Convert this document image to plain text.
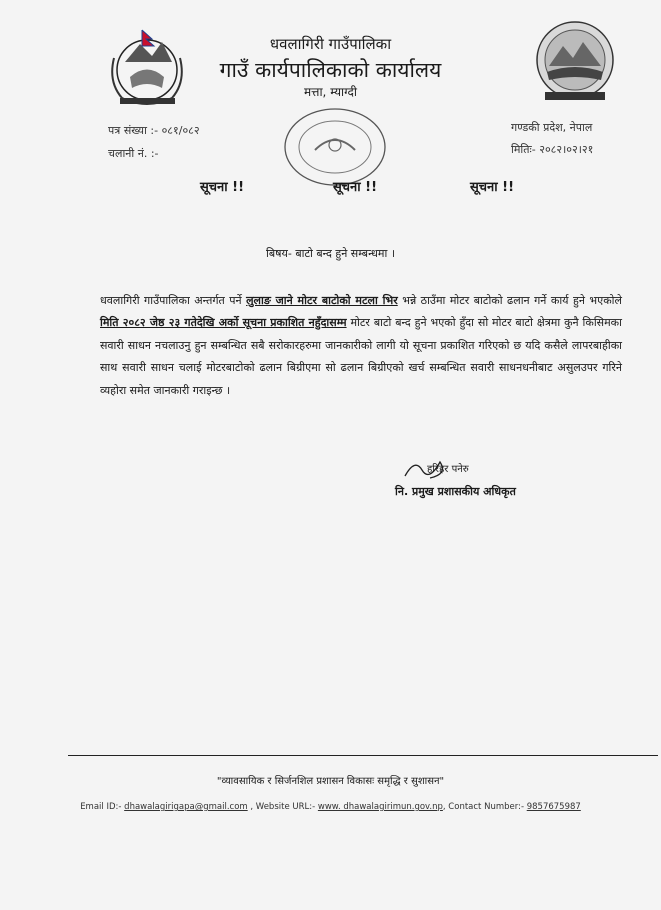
धवलागिरी गाउँपालिका
गाउँ कार्यपालिकाको कार्यालय
मत्ता, म्याग्दी
पत्र संख्या :- ०८१/०८२
चलानी नं. :-
गण्डकी प्रदेश, नेपाल
मितिः- २०८२।०२।२१
सूचना !!	सूचना !!	सूचना !!
बिषय- बाटो बन्द हुने सम्बन्धमा ।

धवलागिरी गाउँपालिका अन्तर्गत पर्ने लुलाङ जाने मोटर बाटोको मटला भिर भन्ने ठाउँमा मोटर बाटोको ढलान गर्ने कार्य हुने भएकोले मिति २०८२ जेष्ठ २३ गतेदेखि अर्को सूचना प्रकाशित नहुँदासम्म मोटर बाटो बन्द हुने भएको हुँदा सो मोटर बाटो क्षेत्रमा कुनै किसिमका सवारी साधन नचलाउनु हुन सम्बन्धित सबै सरोकारहरुमा जानकारीको लागी यो सूचना प्रकाशित गरिएको छ यदि कसैले लापरबाहीका साथ सवारी साधन चलाई मोटरबाटोको ढलान बिग्रीएमा सो ढलान बिग्रीएको खर्च सम्बन्धित सवारी साधनधनीबाट असुलउपर गरिने व्यहोरा समेत जानकारी गराइन्छ ।

हरिहर पनेरु
नि. प्रमुख प्रशासकीय अधिकृत
"व्यावसायिक र सिर्जनशिल प्रशासन विकासः समृद्धि र सुशासन"
Email ID:- dhawalagirigapa@gmail.com , Website URL:- www. dhawalagirimun.gov.np, Contact Number:- 9857675987
